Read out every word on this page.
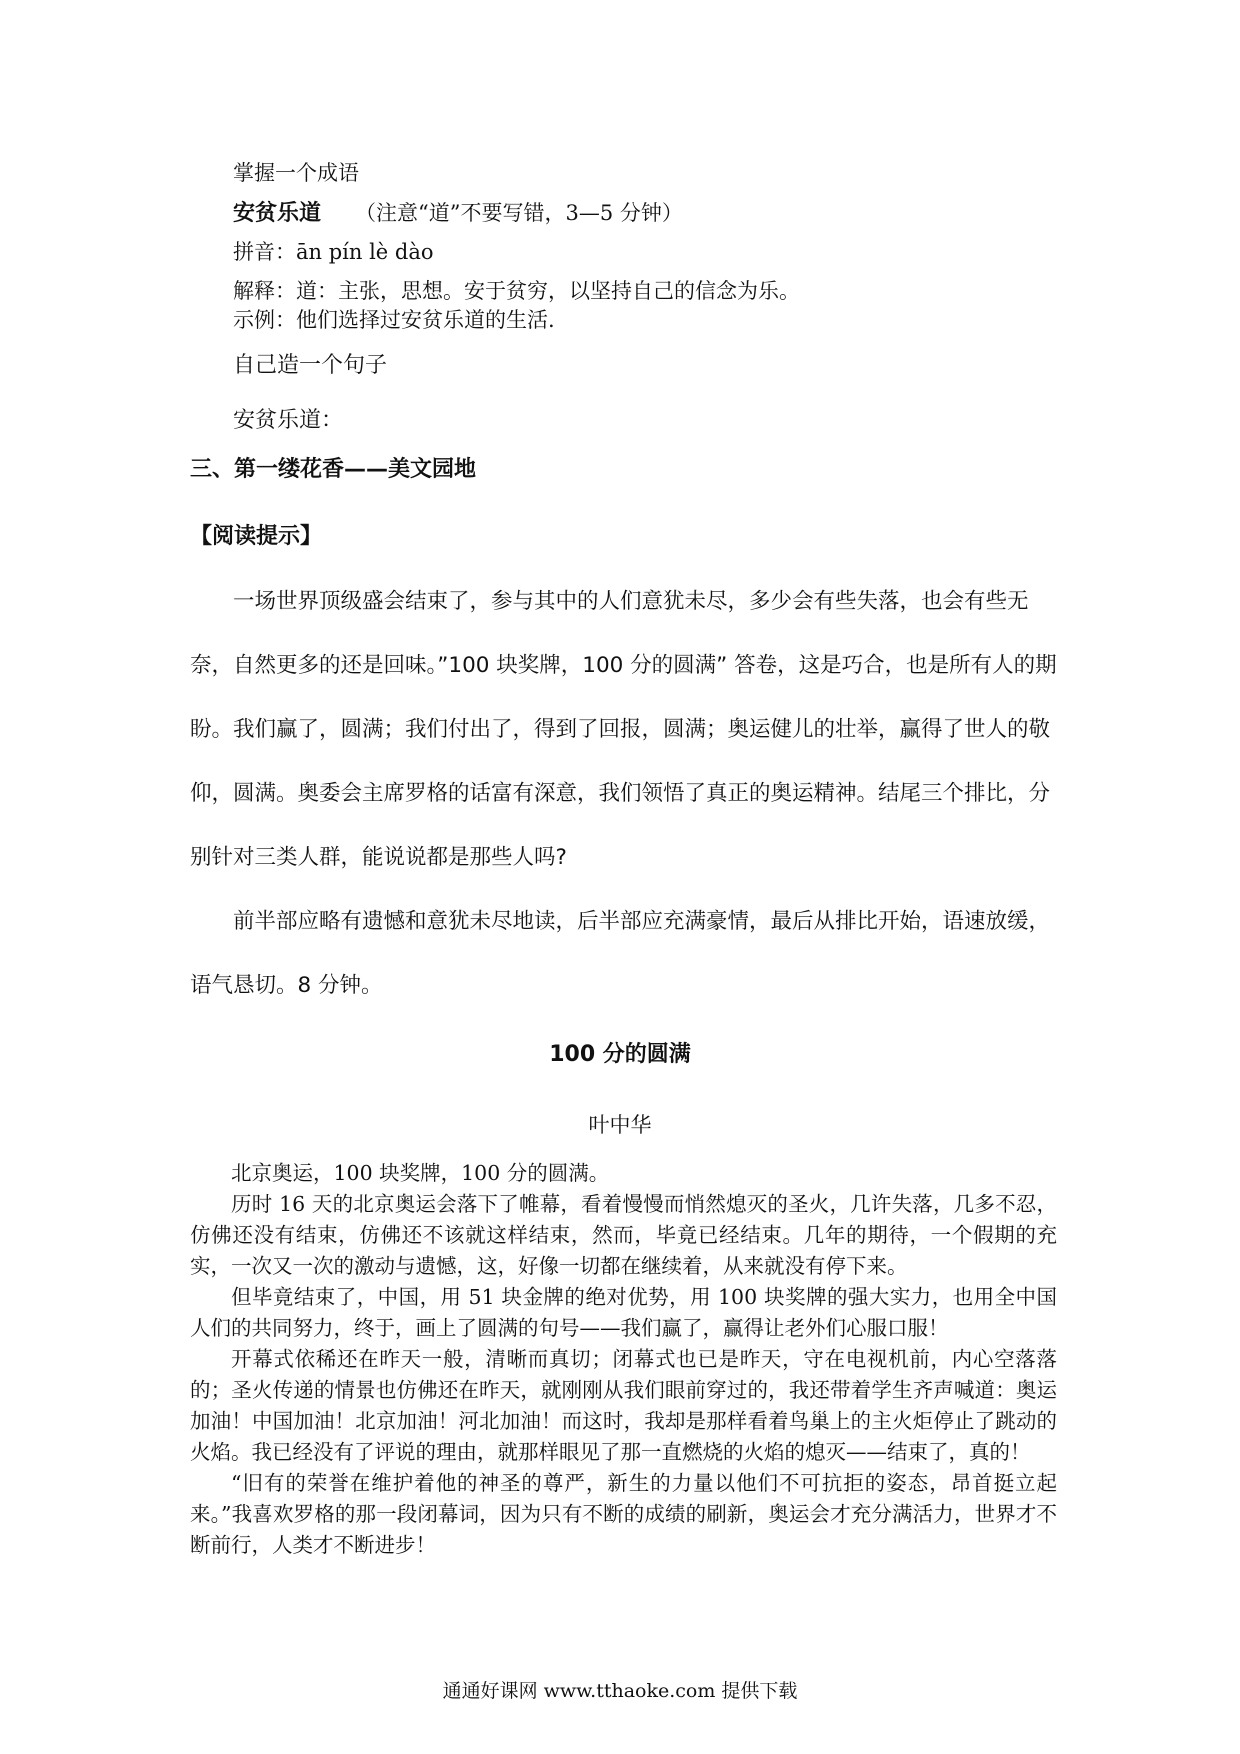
掌握一个成语
安贫乐道 （注意“道”不要写错，3—5 分钟）
拼音：ān pín lè dào
解释：道：主张，思想。安于贫穷，以坚持自己的信念为乐。
示例：他们选择过安贫乐道的生活.
自己造一个句子
安贫乐道：
三、第一缕花香——美文园地
【阅读提示】

一场世界顶级盛会结束了，参与其中的人们意犹未尽，多少会有些失落，也会有些无奈，自然更多的还是回味。”100 块奖牌，100 分的圆满” 答卷，这是巧合，也是所有人的期盼。我们赢了，圆满；我们付出了，得到了回报，圆满；奥运健儿的壮举，赢得了世人的敬仰，圆满。奥委会主席罗格的话富有深意，我们领悟了真正的奥运精神。结尾三个排比，分别针对三类人群，能说说都是那些人吗?

前半部应略有遗憾和意犹未尽地读，后半部应充满豪情，最后从排比开始，语速放缓，语气恳切。8 分钟。

100 分的圆满
叶中华

北京奥运，100 块奖牌，100 分的圆满。

历时 16 天的北京奥运会落下了帷幕，看着慢慢而悄然熄灭的圣火，几许失落，几多不忍，仿佛还没有结束，仿佛还不该就这样结束，然而，毕竟已经结束。几年的期待，一个假期的充实，一次又一次的激动与遗憾，这，好像一切都在继续着，从来就没有停下来。

但毕竟结束了，中国，用 51 块金牌的绝对优势，用 100 块奖牌的强大实力，也用全中国人们的共同努力，终于，画上了圆满的句号——我们赢了，赢得让老外们心服口服！

开幕式依稀还在昨天一般，清晰而真切；闭幕式也已是昨天，守在电视机前，内心空落落的；圣火传递的情景也仿佛还在昨天，就刚刚从我们眼前穿过的，我还带着学生齐声喊道：奥运加油！中国加油！北京加油！河北加油！而这时，我却是那样看着鸟巢上的主火炬停止了跳动的火焰。我已经没有了评说的理由，就那样眼见了那一直燃烧的火焰的熄灭——结束了，真的！

“旧有的荣誉在维护着他的神圣的尊严，新生的力量以他们不可抗拒的姿态，昂首挺立起来。”我喜欢罗格的那一段闭幕词，因为只有不断的成绩的刷新，奥运会才充分满活力，世界才不断前行，人类才不断进步！

通通好课网 www.tthaoke.com 提供下载
